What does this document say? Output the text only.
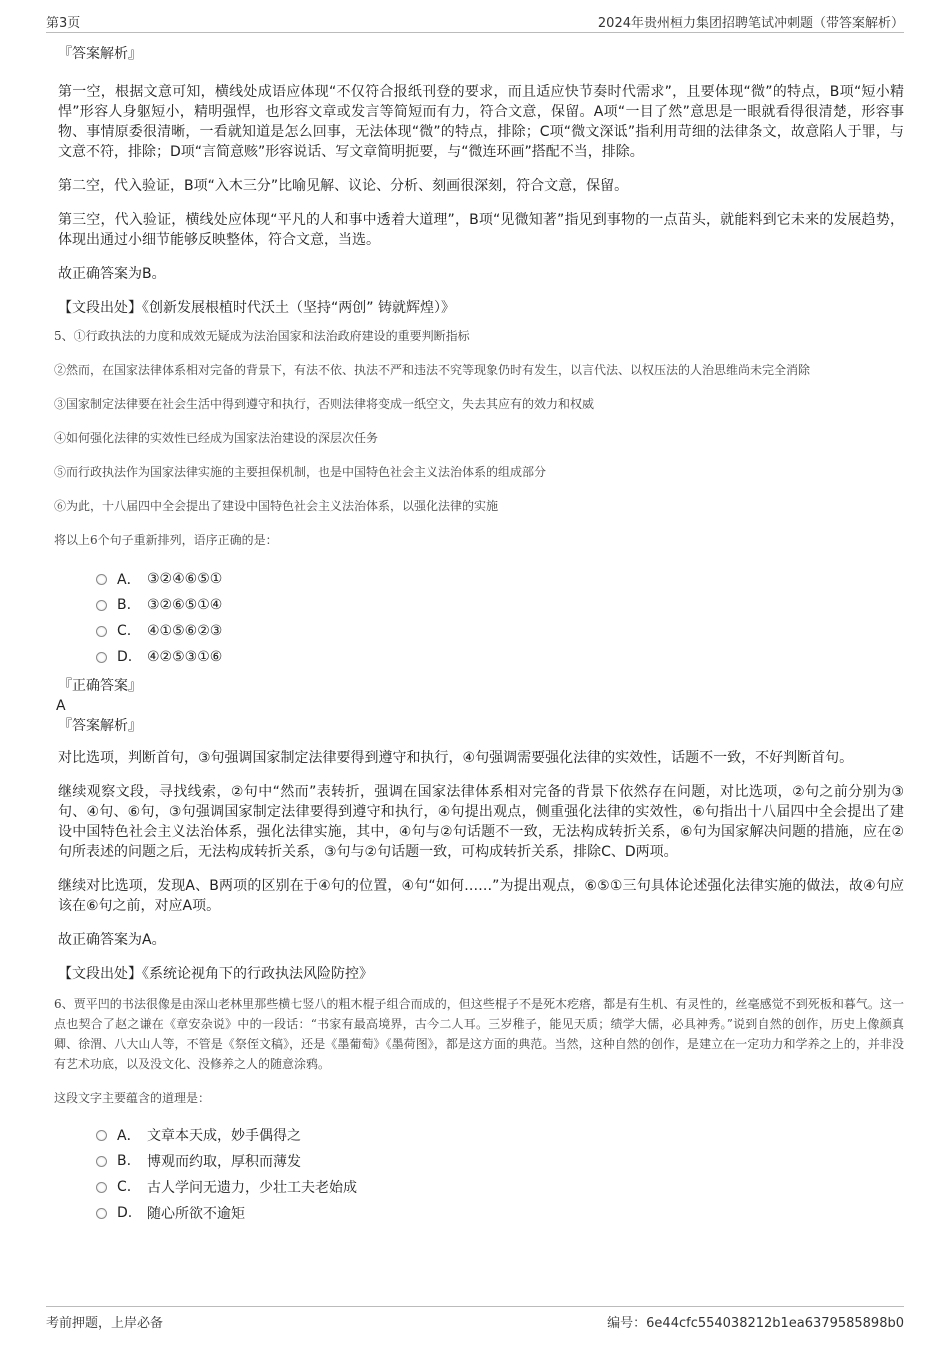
第3页	2024年贵州桓力集团招聘笔试冲刺题（带答案解析）
『答案解析』
第一空，根据文意可知，横线处成语应体现“不仅符合报纸刊登的要求，而且适应快节奏时代需求”，且要体现“微”的特点，B项“短小精悍”形容人身躯短小，精明强悍，也形容文章或发言等简短而有力，符合文意，保留。A项“一目了然”意思是一眼就看得很清楚，形容事物、事情原委很清晰，一看就知道是怎么回事，无法体现“微”的特点，排除；C项“微文深诋”指利用苛细的法律条文，故意陷人于罪，与文意不符，排除；D项“言简意赅”形容说话、写文章简明扼要，与“微连环画”搭配不当，排除。
第二空，代入验证，B项“入木三分”比喻见解、议论、分析、刻画很深刻，符合文意，保留。
第三空，代入验证，横线处应体现“平凡的人和事中透着大道理”，B项“见微知著”指见到事物的一点苗头，就能料到它未来的发展趋势，体现出通过小细节能够反映整体，符合文意，当选。
故正确答案为B。
【文段出处】《创新发展根植时代沃土（坚持“两创” 铸就辉煌）》
5、①行政执法的力度和成效无疑成为法治国家和法治政府建设的重要判断指标
②然而，在国家法律体系相对完备的背景下，有法不依、执法不严和违法不究等现象仍时有发生，以言代法、以权压法的人治思维尚未完全消除
③国家制定法律要在社会生活中得到遵守和执行，否则法律将变成一纸空文，失去其应有的效力和权威
④如何强化法律的实效性已经成为国家法治建设的深层次任务
⑤而行政执法作为国家法律实施的主要担保机制，也是中国特色社会主义法治体系的组成部分
⑥为此，十八届四中全会提出了建设中国特色社会主义法治体系，以强化法律的实施
将以上6个句子重新排列，语序正确的是：
A． ③②④⑥⑤①
B.	③②⑥⑤①④
C.	④①⑤⑥②③
D.	④②⑤③①⑥
『正确答案』
A
『答案解析』
对比选项，判断首句，③句强调国家制定法律要得到遵守和执行，④句强调需要强化法律的实效性，话题不一致，不好判断首句。
继续观察文段，寻找线索，②句中“然而”表转折，强调在国家法律体系相对完备的背景下依然存在问题，对比选项，②句之前分别为③句、④句、⑥句，③句强调国家制定法律要得到遵守和执行，④句提出观点，侧重强化法律的实效性，⑥句指出十八届四中全会提出了建设中国特色社会主义法治体系，强化法律实施，其中，④句与②句话题不一致，无法构成转折关系，⑥句为国家解决问题的措施，应在②句所表述的问题之后，无法构成转折关系，③句与②句话题一致，可构成转折关系，排除C、D两项。
继续对比选项，发现A、B两项的区别在于④句的位置，④句“如何……”为提出观点，⑥⑤①三句具体论述强化法律实施的做法，故④句应该在⑥句之前，对应A项。
故正确答案为A。
【文段出处】《系统论视角下的行政执法风险防控》
6、贾平凹的书法很像是由深山老林里那些横七竖八的粗木棍子组合而成的，但这些棍子不是死木疙瘩，都是有生机、有灵性的，丝毫感觉不到死板和暮气。这一点也契合了赵之谦在《章安杂说》中的一段话：“书家有最高境界，古今二人耳。三岁稚子，能见天质；绩学大儒，必具神秀。”说到自然的创作，历史上像颜真卿、徐渭、八大山人等，不管是《祭侄文稿》，还是《墨葡萄》《墨荷图》，都是这方面的典范。当然，这种自然的创作，是建立在一定功力和学养之上的，并非没有艺术功底，以及没文化、没修养之人的随意涂鸦。
这段文字主要蕴含的道理是：
A． 文章本天成，妙手偶得之
B.	博观而约取，厚积而薄发
C.	古人学问无遗力，少壮工夫老始成
D.	随心所欲不逾矩
考前押题，上岸必备	编号：6e44cfc554038212b1ea6379585898b0
